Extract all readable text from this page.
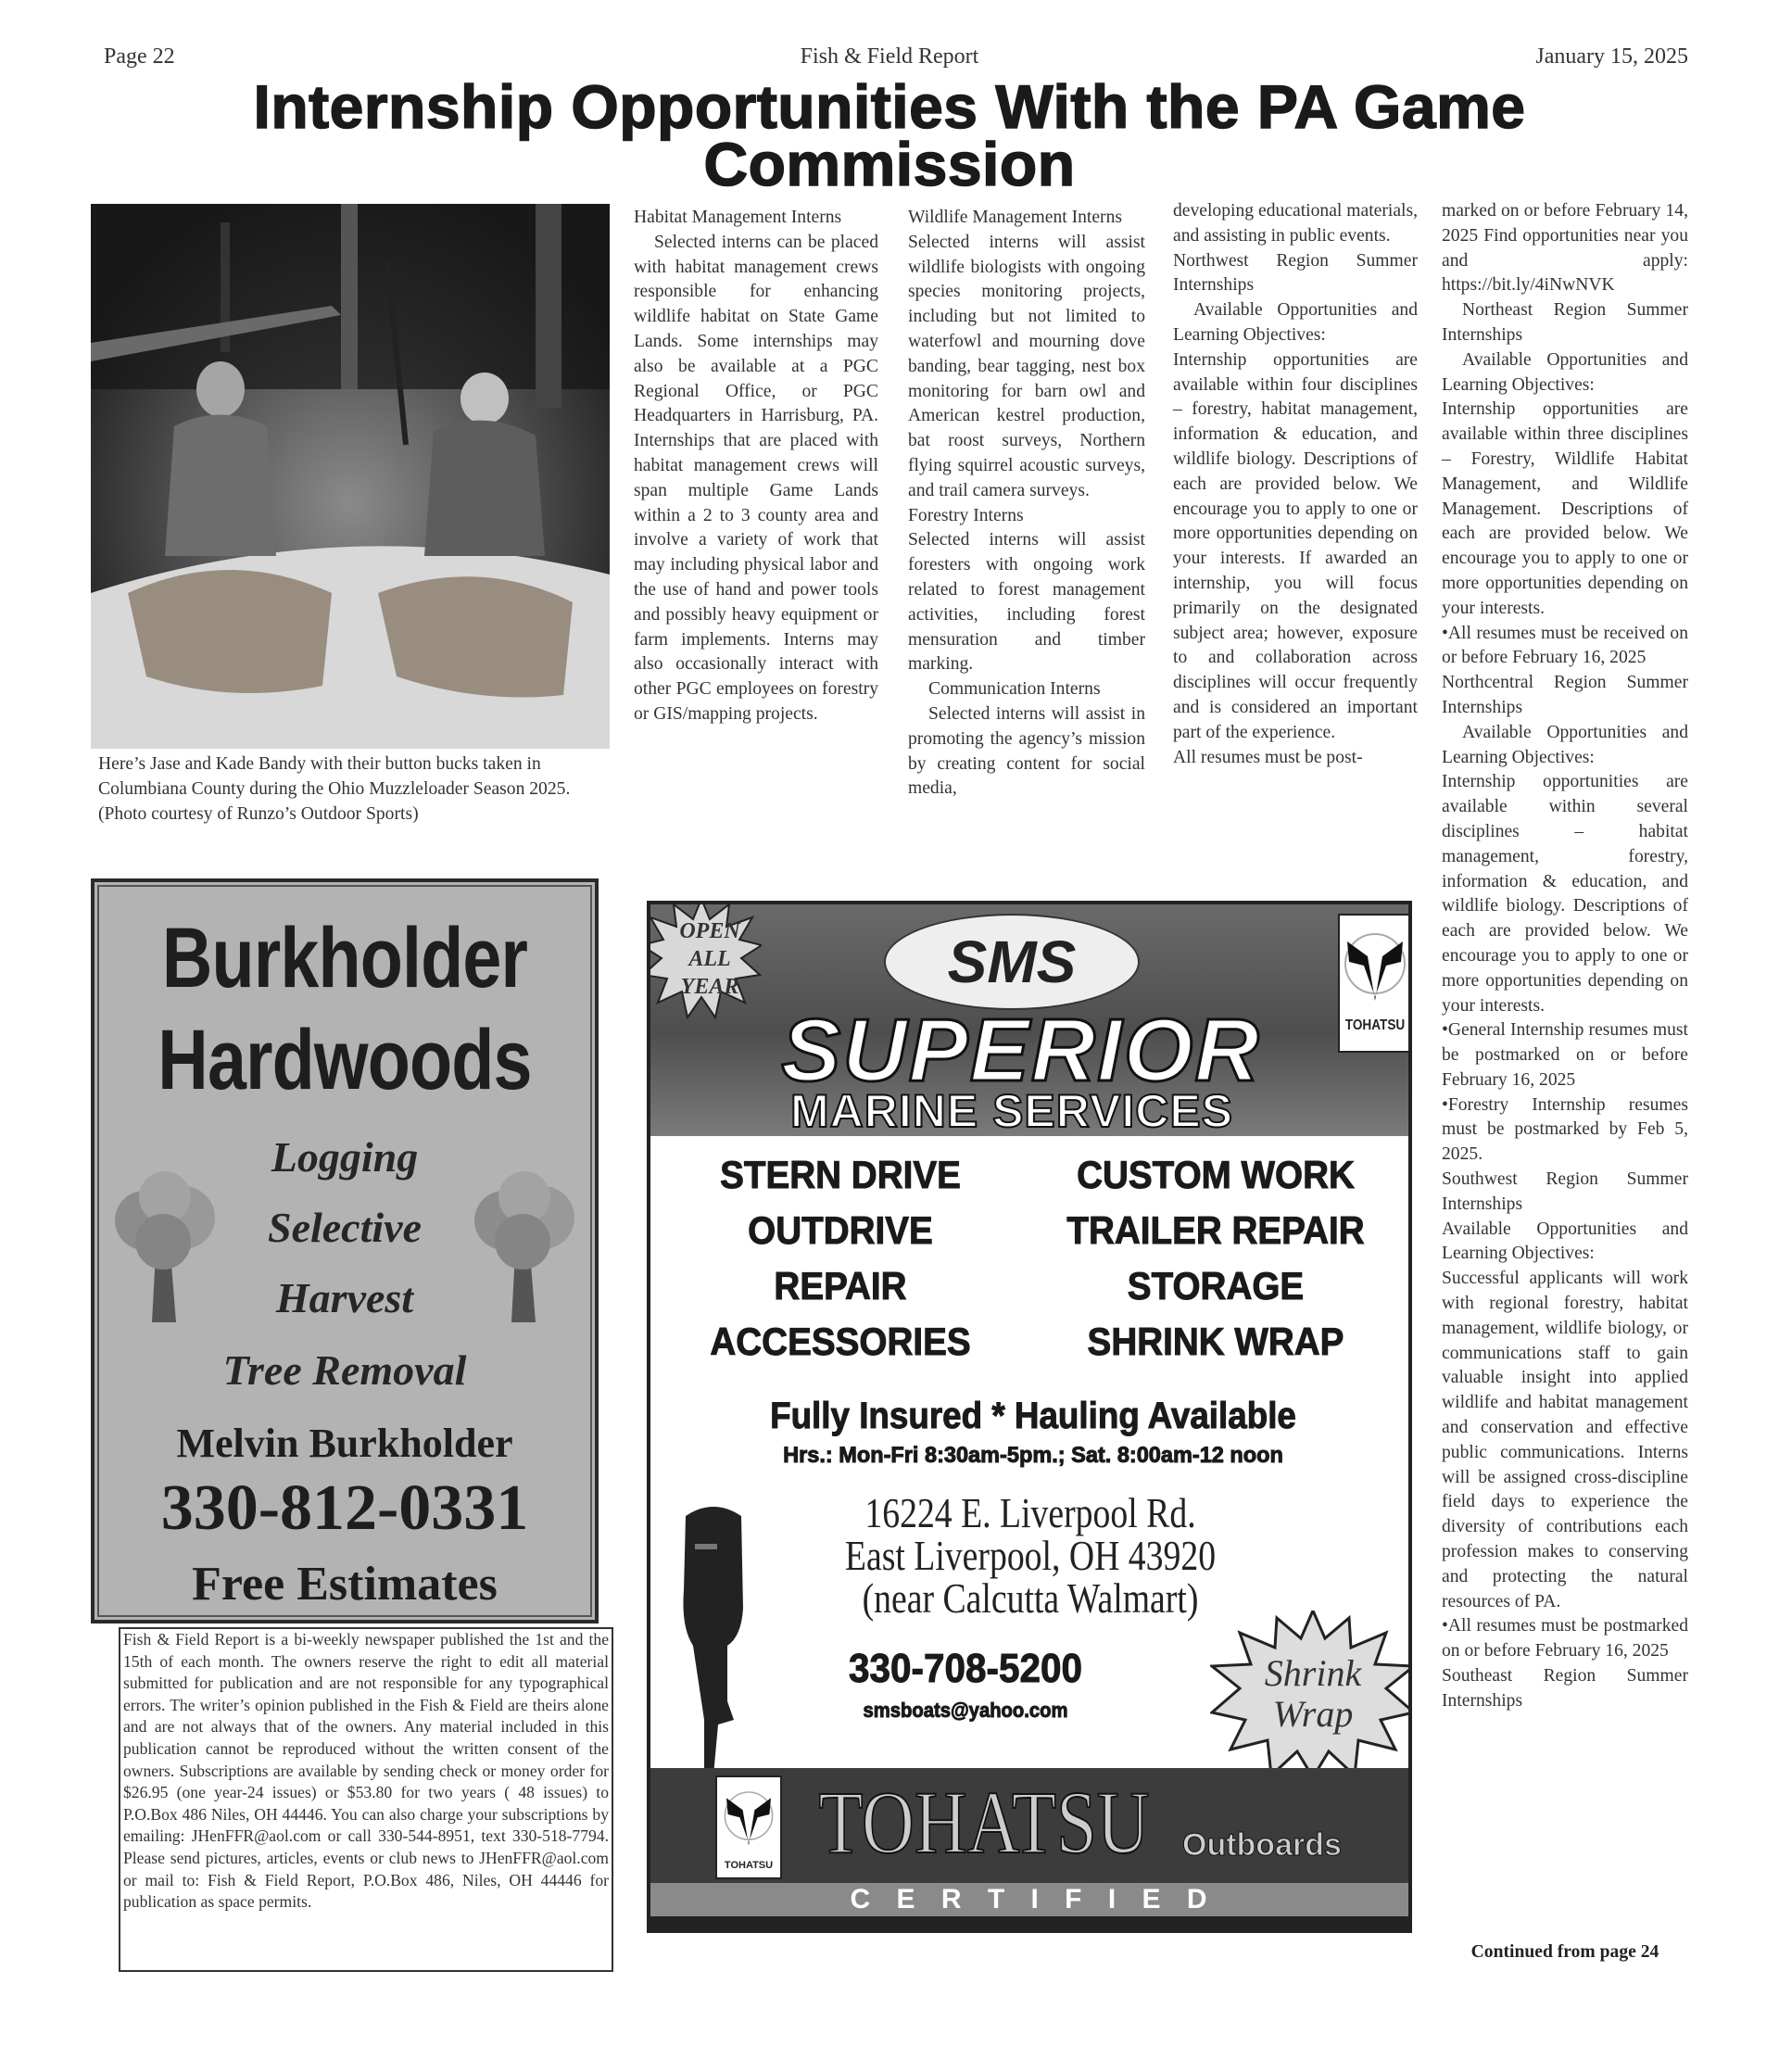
Page 22	Fish & Field Report	January 15, 2025
Internship Opportunities With the PA Game
Commission
Here’s Jase and Kade Bandy with their button bucks taken in Columbiana County during the Ohio Muzzleloader Season 2025. (Photo courtesy of Runzo’s Outdoor Sports)

Habitat Management Interns

Selected interns can be placed with habitat management crews responsible for enhancing wildlife habitat on State Game Lands. Some internships may also be available at a PGC Regional Office, or PGC Headquarters in Harrisburg, PA. Internships that are placed with habitat management crews will span multiple Game Lands within a 2 to 3 county area and involve a variety of work that may including physical labor and the use of hand and power tools and possibly heavy equipment or farm implements. Interns may also occasionally interact with other PGC employees on forestry or GIS/mapping projects.

Wildlife Management Interns

Selected interns will assist wildlife biologists with ongoing species monitoring projects, including but not limited to waterfowl and mourning dove banding, bear tagging, nest box monitoring for barn owl and American kestrel production, bat roost surveys, Northern flying squirrel acoustic surveys, and trail camera surveys.

Forestry Interns

Selected interns will assist foresters with ongoing work related to forest management activities, including forest mensuration and timber marking.

Communication Interns

Selected interns will assist in promoting the agency’s mission by creating content for social media,

developing educational materials, and assisting in public events.

Northwest Region Summer Internships

Available Opportunities and Learning Objectives:

Internship opportunities are available within four disciplines – forestry, habitat management, information & education, and wildlife biology. Descriptions of each are provided below. We encourage you to apply to one or more opportunities depending on your interests. If awarded an internship, you will focus primarily on the designated subject area; however, exposure to and collaboration across disciplines will occur frequently and is considered an important part of the experience.

All resumes must be post-

marked on or before February 14, 2025 Find opportunities near you and apply: https://bit.ly/4iNwNVK

Northeast Region Summer Internships

Available Opportunities and Learning Objectives:

Internship opportunities are available within three disciplines – Forestry, Wildlife Habitat Management, and Wildlife Management. Descriptions of each are provided below. We encourage you to apply to one or more opportunities depending on your interests.

•All resumes must be received on or before February 16, 2025

Northcentral Region Summer Internships

Available Opportunities and Learning Objectives:

Internship opportunities are available within several disciplines – habitat management, forestry, information & education, and wildlife biology. Descriptions of each are provided below. We encourage you to apply to one or more opportunities depending on your interests.

•General Internship resumes must be postmarked on or before February 16, 2025

•Forestry Internship resumes must be postmarked by Feb 5, 2025.

Southwest Region Summer Internships

Available Opportunities and Learning Objectives:

Successful applicants will work with regional forestry, habitat management, wildlife biology, or communications staff to gain valuable insight into applied wildlife and habitat management and conservation and effective public communications. Interns will be assigned cross-discipline field days to experience the diversity of contributions each profession makes to conserving and protecting the natural resources of PA.

•All resumes must be postmarked on or before February 16, 2025

Southeast Region Summer Internships

Continued from page 24
Burkholder
Hardwoods
Logging
Selective
Harvest
Tree Removal
Melvin Burkholder
330-812-0331
Free Estimates
Fish & Field Report is a bi-weekly newspaper published the 1st and the 15th of each month. The owners reserve the right to edit all material submitted for publication and are not responsible for any typographical errors. The writer’s opinion published in the Fish & Field are theirs alone and are not always that of the owners. Any material included in this publication cannot be reproduced without the written consent of the owners. Subscriptions are available by sending check or money order for $26.95 (one year-24 issues) or $53.80 for two years ( 48 issues) to P.O.Box 486 Niles, OH 44446. You can also charge your subscriptions by emailing: JHenFFR@aol.com or call 330-544-8951, text 330-518-7794. Please send pictures, articles, events or club news to JHenFFR@aol.com or mail to: Fish & Field Report, P.O.Box 486, Niles, OH 44446 for publication as space permits.
OPEN
ALL
YEAR	SMS
TOHATSU
SUPERIOR
MARINE SERVICES
STERN DRIVE
OUTDRIVE
REPAIR
ACCESSORIES
CUSTOM WORK
TRAILER REPAIR
STORAGE
SHRINK WRAP
Fully Insured * Hauling Available
Hrs.: Mon-Fri 8:30am-5pm.; Sat. 8:00am-12 noon
16224 E. Liverpool Rd.
East Liverpool, OH 43920
(near Calcutta Walmart)
330-708-5200
smsboats@yahoo.com
Shrink
Wrap
TOHATSU TOHATSU Outboards
C E R T I F I E D
